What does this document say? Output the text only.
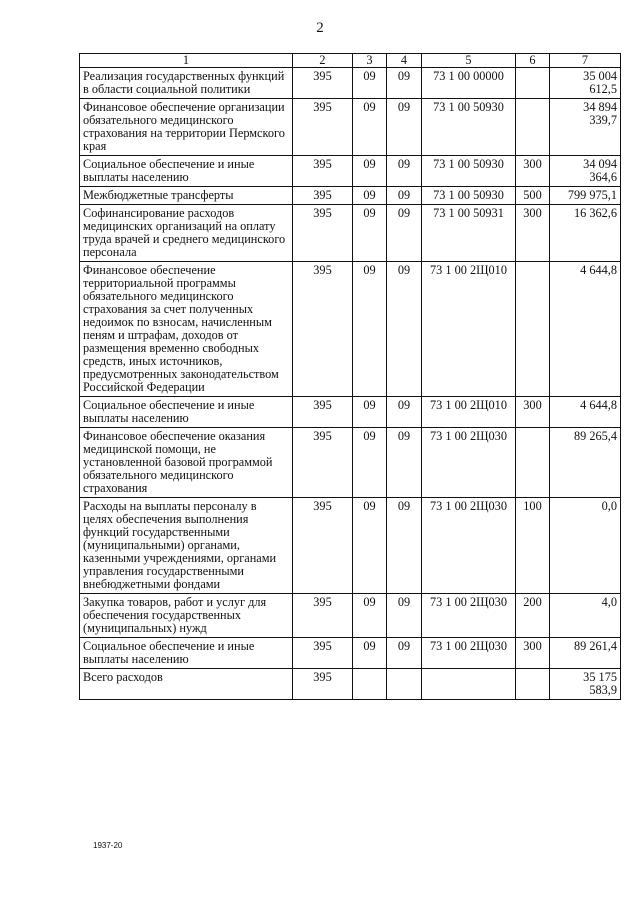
2
1	2	3	4	5	6	7
Реализация государственных функций в области социальной политики	395	09	09	73 1 00 00000		35 004 612,5
Финансовое обеспечение организации обязательного медицинского страхования на территории Пермского края	395	09	09	73 1 00 50930		34 894 339,7
Социальное обеспечение и иные выплаты населению	395	09	09	73 1 00 50930	300	34 094 364,6
Межбюджетные трансферты	395	09	09	73 1 00 50930	500	799 975,1
Софинансирование расходов медицинских организаций на оплату труда врачей и среднего медицинского персонала	395	09	09	73 1 00 50931	300	16 362,6
Финансовое обеспечение территориальной программы обязательного медицинского страхования за счет полученных недоимок по взносам, начисленным пеням и штрафам, доходов от размещения временно свободных средств, иных источников, предусмотренных законодательством Российской Федерации	395	09	09	73 1 00 2Щ010		4 644,8
Социальное обеспечение и иные выплаты населению	395	09	09	73 1 00 2Щ010	300	4 644,8
Финансовое обеспечение оказания медицинской помощи, не установленной базовой программой обязательного медицинского страхования	395	09	09	73 1 00 2Щ030		89 265,4
Расходы на выплаты персоналу в целях обеспечения выполнения функций государственными (муниципальными) органами, казенными учреждениями, органами управления государственными внебюджетными фондами	395	09	09	73 1 00 2Щ030	100	0,0
Закупка товаров, работ и услуг для обеспечения государственных (муниципальных) нужд	395	09	09	73 1 00 2Щ030	200	4,0
Социальное обеспечение и иные выплаты населению	395	09	09	73 1 00 2Щ030	300	89 261,4
Всего расходов	395					35 175 583,9
1937-20
